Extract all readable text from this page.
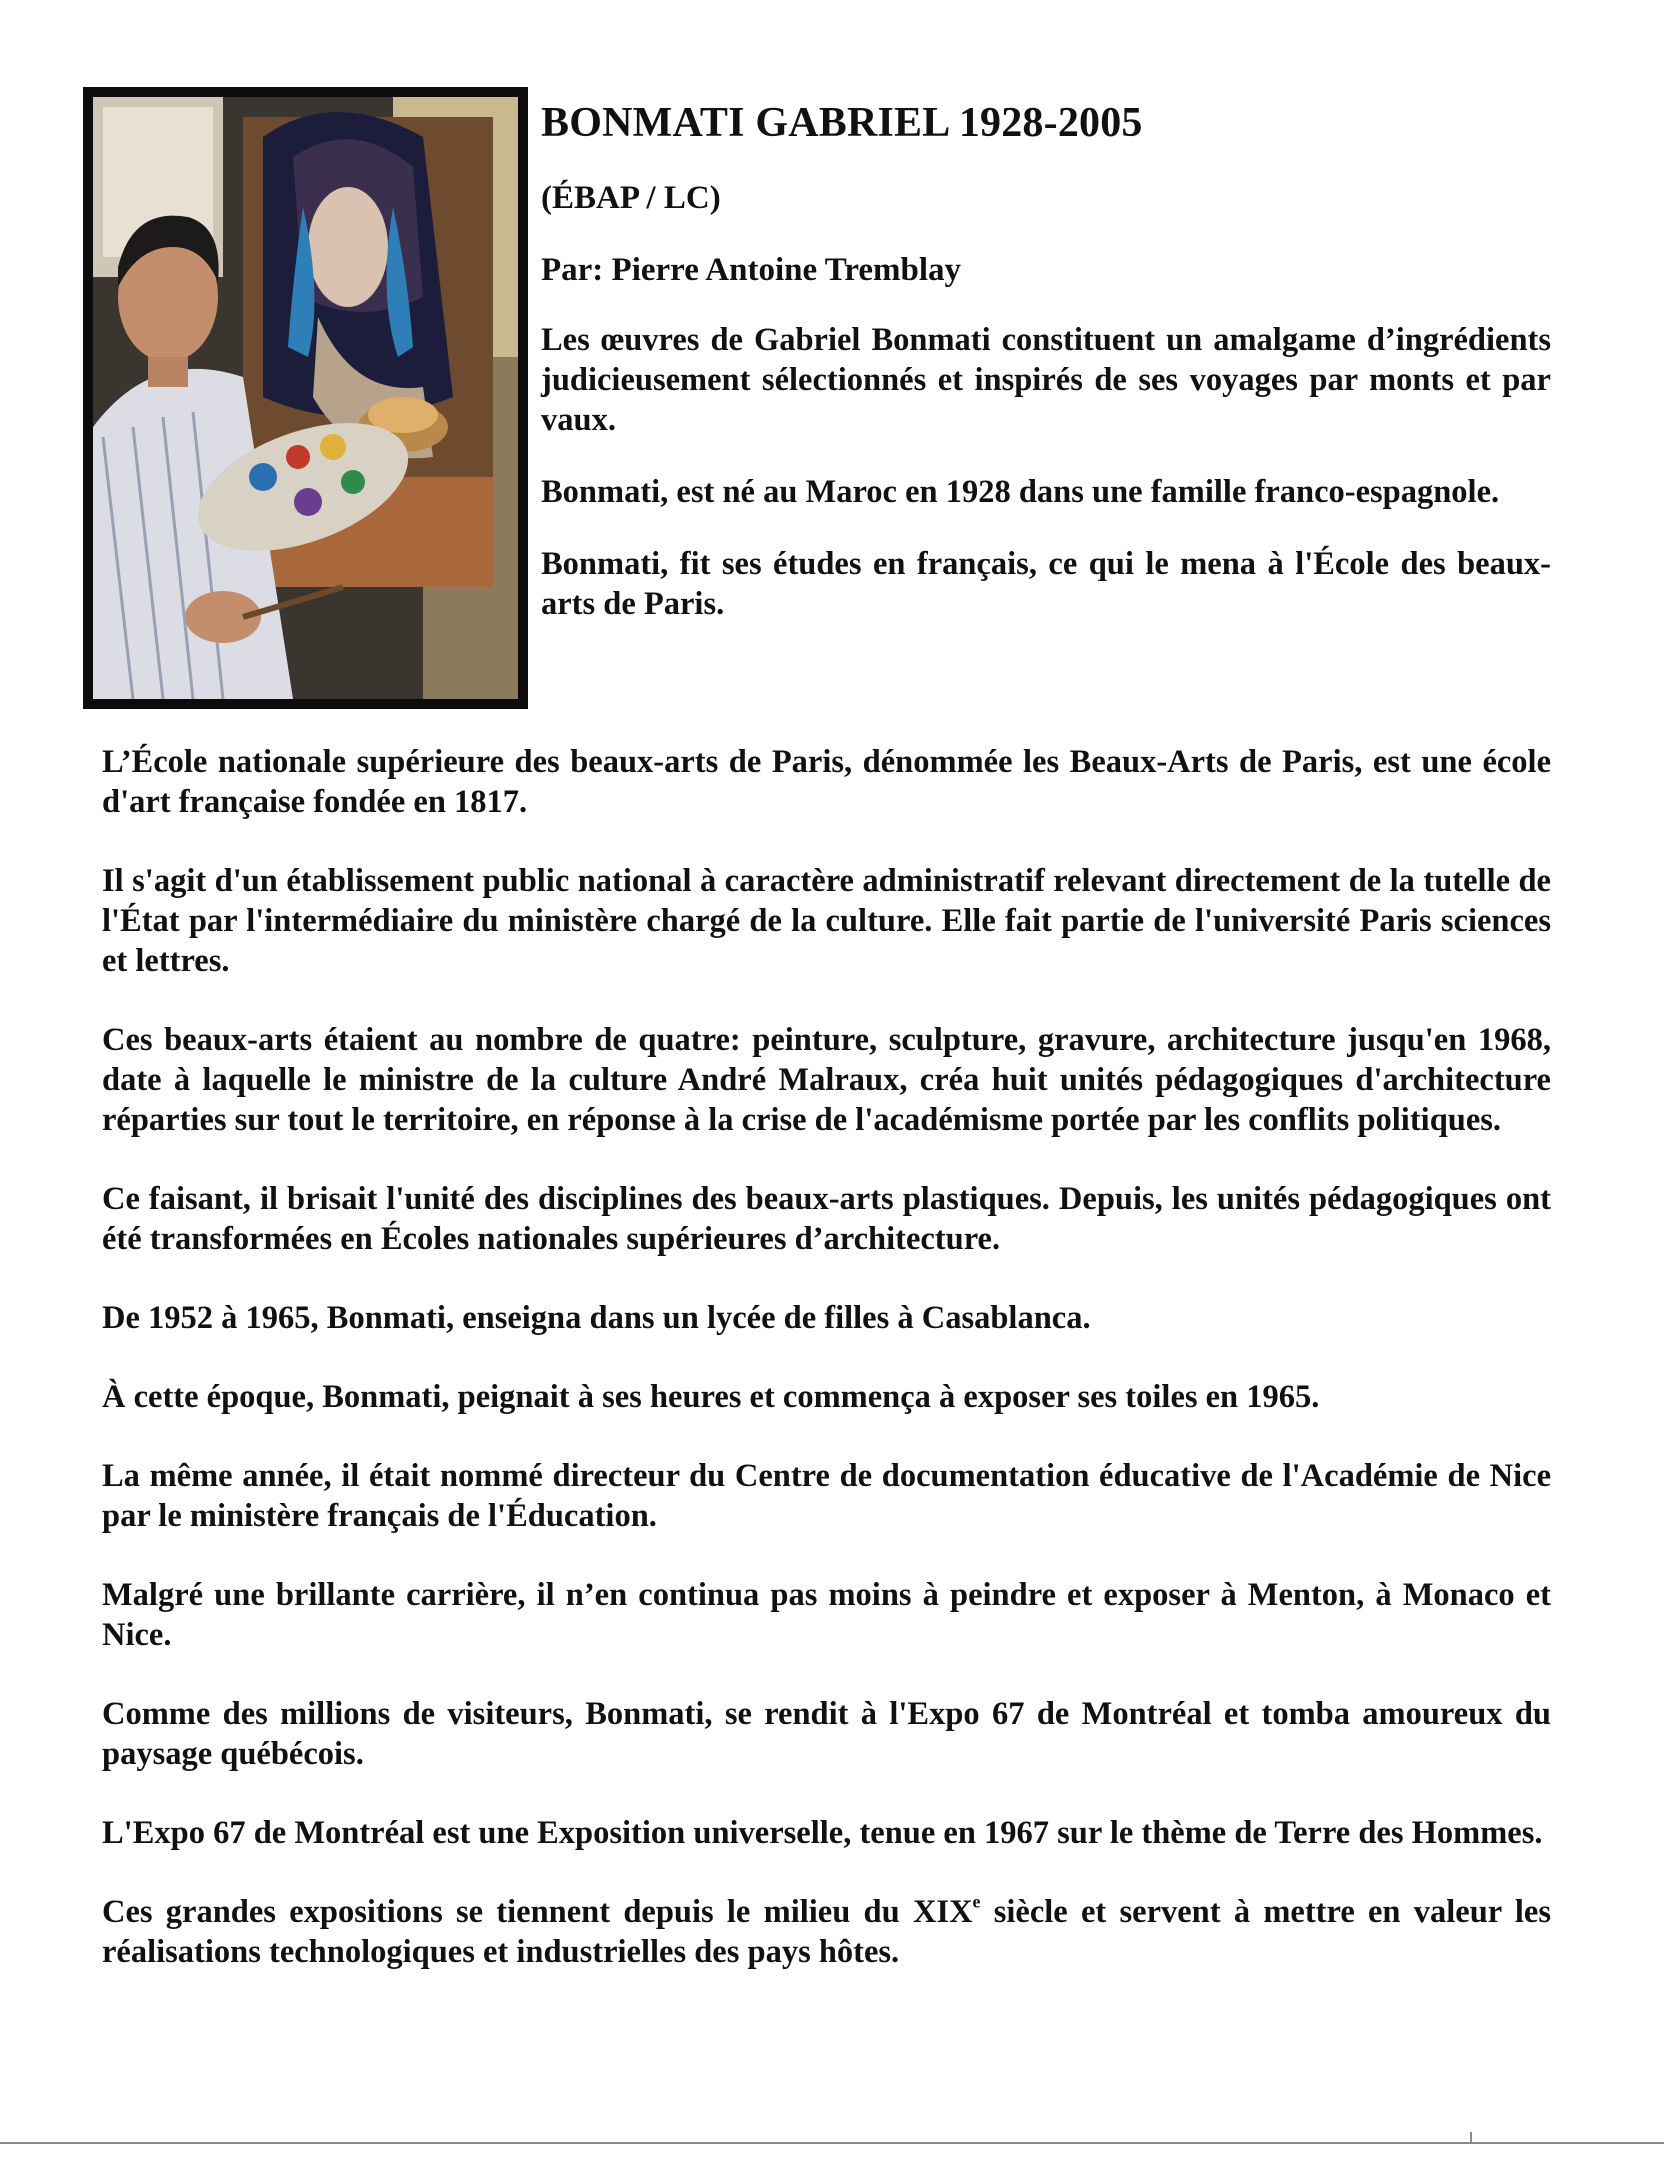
BONMATI GABRIEL 1928-2005
(ÉBAP / LC)
Par: Pierre Antoine Tremblay

Les œuvres de Gabriel Bonmati constituent un amalgame d’ingrédients judicieusement sélectionnés et inspirés de ses voyages par monts et par vaux.

Bonmati, est né au Maroc en 1928 dans une famille franco-espagnole.

Bonmati, fit ses études en français, ce qui le mena à l'École des beaux-arts de Paris.

L’École nationale supérieure des beaux-arts de Paris, dénommée les Beaux-Arts de Paris, est une école d'art française fondée en 1817.

Il s'agit d'un établissement public national à caractère administratif relevant directement de la tutelle de l'État par l'intermédiaire du ministère chargé de la culture. Elle fait partie de l'université Paris sciences et lettres.

Ces beaux-arts étaient au nombre de quatre: peinture, sculpture, gravure, architecture jusqu'en 1968, date à laquelle le ministre de la culture André Malraux, créa huit unités pédagogiques d'architecture réparties sur tout le territoire, en réponse à la crise de l'académisme portée par les conflits politiques.

Ce faisant, il brisait l'unité des disciplines des beaux-arts plastiques. Depuis, les unités pédagogiques ont été transformées en Écoles nationales supérieures d’architecture.

De 1952 à 1965, Bonmati, enseigna dans un lycée de filles à Casablanca.

À cette époque, Bonmati, peignait à ses heures et commença à exposer ses toiles en 1965.

La même année, il était nommé directeur du Centre de documentation éducative de l'Académie de Nice par le ministère français de l'Éducation.

Malgré une brillante carrière, il n’en continua pas moins à peindre et exposer à Menton, à Monaco et Nice.

Comme des millions de visiteurs, Bonmati, se rendit à l'Expo 67 de Montréal et tomba amoureux du paysage québécois.

L'Expo 67 de Montréal est une Exposition universelle, tenue en 1967 sur le thème de Terre des Hommes.

Ces grandes expositions se tiennent depuis le milieu du XIXe siècle et servent à mettre en valeur les réalisations technologiques et industrielles des pays hôtes.
